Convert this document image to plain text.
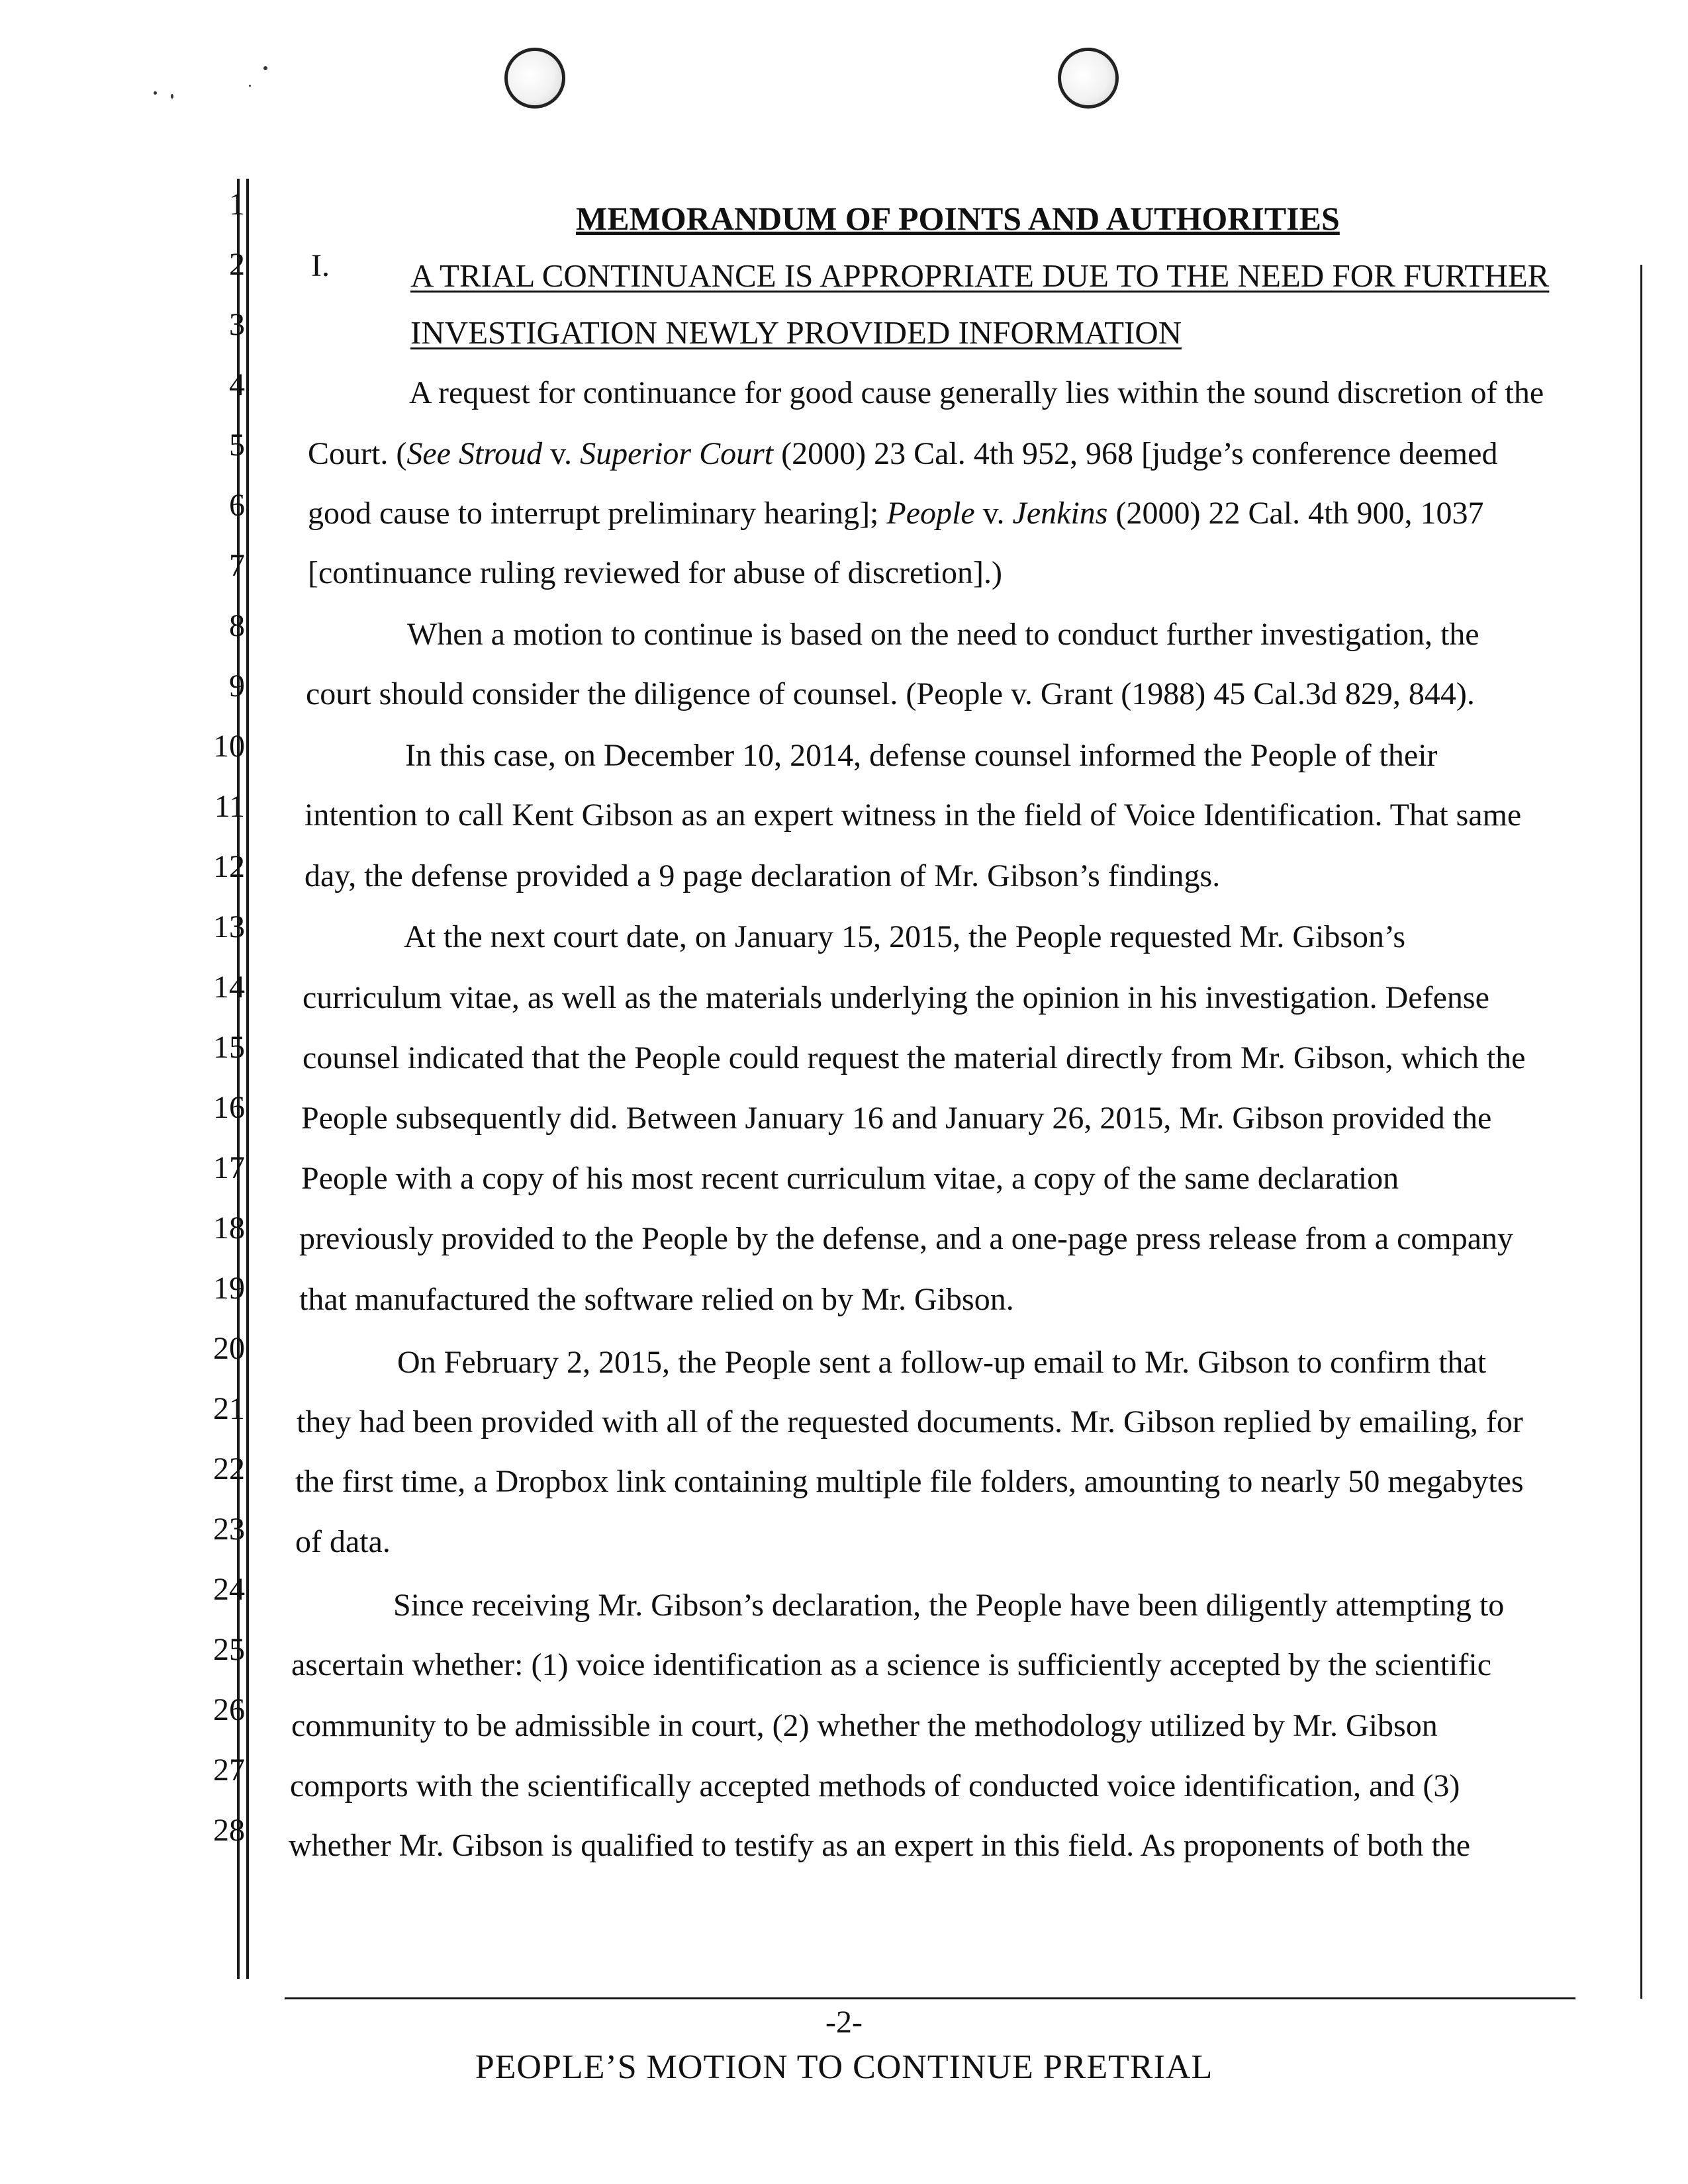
1
2
3
4
5
6
7
8
9
10
11
12
13
14
15
16
17
18
19
20
21
22
23
24
25
26
27
28
MEMORANDUM OF POINTS AND AUTHORITIES
I. A TRIAL CONTINUANCE IS APPROPRIATE DUE TO THE NEED FOR FURTHER
INVESTIGATION NEWLY PROVIDED INFORMATION
A request for continuance for good cause generally lies within the sound discretion of the
Court. (See Stroud v. Superior Court (2000) 23 Cal. 4th 952, 968 [judge’s conference deemed
good cause to interrupt preliminary hearing]; People v. Jenkins (2000) 22 Cal. 4th 900, 1037
[continuance ruling reviewed for abuse of discretion].)
When a motion to continue is based on the need to conduct further investigation, the
court should consider the diligence of counsel. (People v. Grant (1988) 45 Cal.3d 829, 844).
In this case, on December 10, 2014, defense counsel informed the People of their
intention to call Kent Gibson as an expert witness in the field of Voice Identification. That same
day, the defense provided a 9 page declaration of Mr. Gibson’s findings.
At the next court date, on January 15, 2015, the People requested Mr. Gibson’s
curriculum vitae, as well as the materials underlying the opinion in his investigation. Defense
counsel indicated that the People could request the material directly from Mr. Gibson, which the
People subsequently did. Between January 16 and January 26, 2015, Mr. Gibson provided the
People with a copy of his most recent curriculum vitae, a copy of the same declaration
previously provided to the People by the defense, and a one-page press release from a company
that manufactured the software relied on by Mr. Gibson.
On February 2, 2015, the People sent a follow-up email to Mr. Gibson to confirm that
they had been provided with all of the requested documents. Mr. Gibson replied by emailing, for
the first time, a Dropbox link containing multiple file folders, amounting to nearly 50 megabytes
of data.
Since receiving Mr. Gibson’s declaration, the People have been diligently attempting to
ascertain whether: (1) voice identification as a science is sufficiently accepted by the scientific
community to be admissible in court, (2) whether the methodology utilized by Mr. Gibson
comports with the scientifically accepted methods of conducted voice identification, and (3)
whether Mr. Gibson is qualified to testify as an expert in this field. As proponents of both the
-2-
PEOPLE’S MOTION TO CONTINUE PRETRIAL
